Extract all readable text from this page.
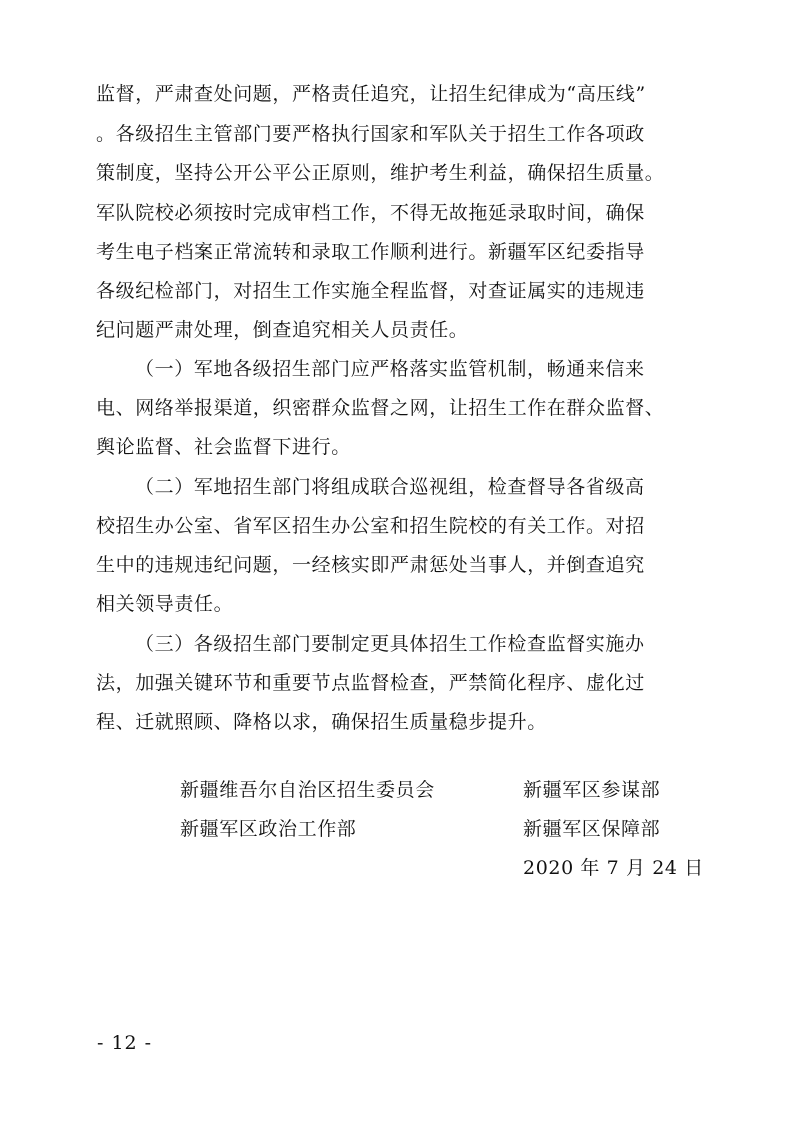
监督，严肃查处问题，严格责任追究，让招生纪律成为“高压线”
。各级招生主管部门要严格执行国家和军队关于招生工作各项政
策制度，坚持公开公平公正原则，维护考生利益，确保招生质量。
军队院校必须按时完成审档工作，不得无故拖延录取时间，确保
考生电子档案正常流转和录取工作顺利进行。新疆军区纪委指导
各级纪检部门，对招生工作实施全程监督，对查证属实的违规违
纪问题严肃处理，倒查追究相关人员责任。
（一）军地各级招生部门应严格落实监管机制，畅通来信来
电、网络举报渠道，织密群众监督之网，让招生工作在群众监督、
舆论监督、社会监督下进行。
（二）军地招生部门将组成联合巡视组，检查督导各省级高
校招生办公室、省军区招生办公室和招生院校的有关工作。对招
生中的违规违纪问题，一经核实即严肃惩处当事人，并倒查追究
相关领导责任。
（三）各级招生部门要制定更具体招生工作检查监督实施办
法，加强关键环节和重要节点监督检查，严禁简化程序、虚化过
程、迁就照顾、降格以求，确保招生质量稳步提升。
新疆维吾尔自治区招生委员会	新疆军区参谋部
新疆军区政治工作部	新疆军区保障部
2020 年 7 月 24 日
- 12 -
